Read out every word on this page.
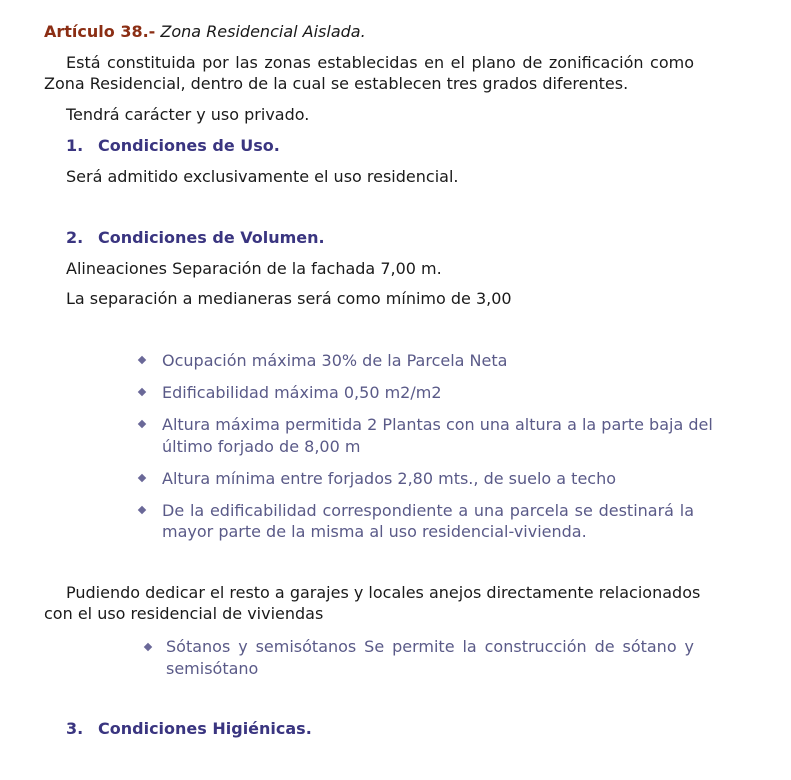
Artículo 38.- Zona Residencial Aislada.
Está constituida por las zonas establecidas en el plano de zonificación como
Zona Residencial, dentro de la cual se establecen tres grados diferentes.
Tendrá carácter y uso privado.
1. Condiciones de Uso.
Será admitido exclusivamente el uso residencial.
2. Condiciones de Volumen.
Alineaciones Separación de la fachada 7,00 m.
La separación a medianeras será como mínimo de 3,00
Ocupación máxima 30% de la Parcela Neta
Edificabilidad máxima 0,50 m2/m2
Altura máxima permitida 2 Plantas con una altura a la parte baja del
último forjado de 8,00 m
Altura mínima entre forjados 2,80 mts., de suelo a techo
De la edificabilidad correspondiente a una parcela se destinará la
mayor parte de la misma al uso residencial-vivienda.
Pudiendo dedicar el resto a garajes y locales anejos directamente relacionados
con el uso residencial de viviendas
Sótanos y semisótanos Se permite la construcción de sótano y
semisótano
3. Condiciones Higiénicas.
